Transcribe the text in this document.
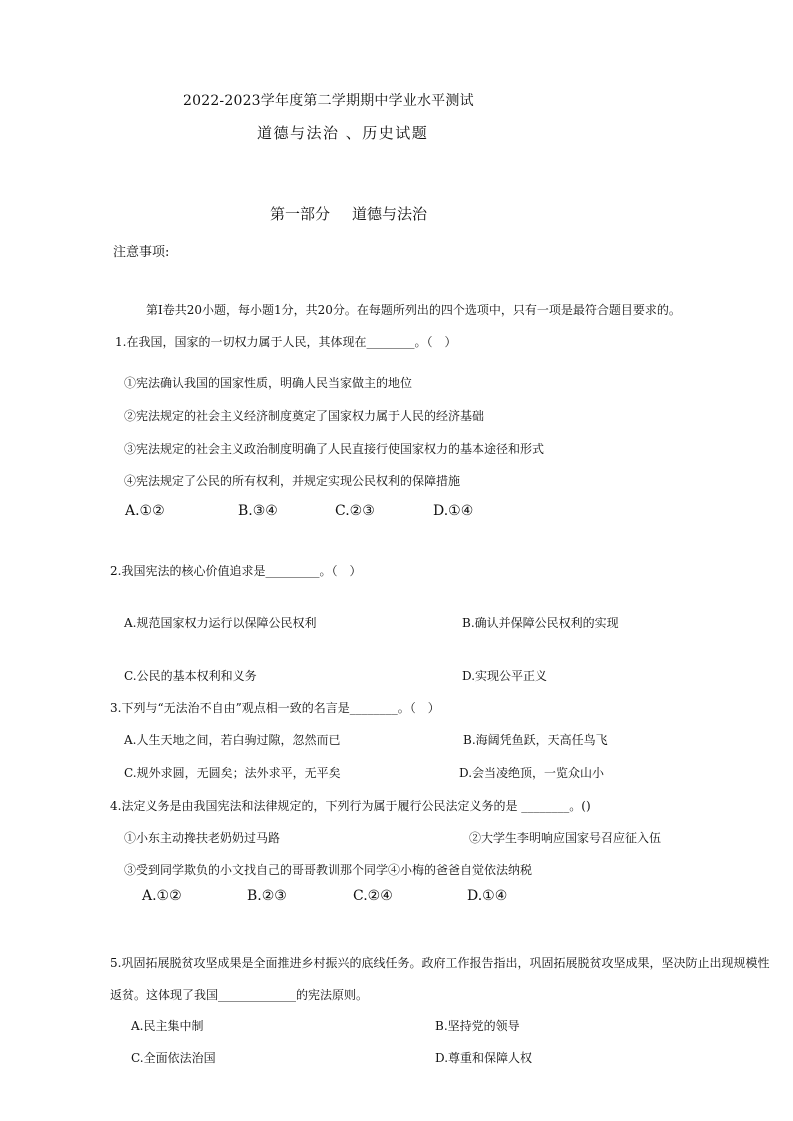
2022-2023学年度第二学期期中学业水平测试
道德与法治 、历史试题
第一部分 道德与法治
注意事项:
第Ⅰ卷共20小题，每小题1分，共20分。在每题所列出的四个选项中，只有一项是最符合题目要求的。
1.在我国，国家的一切权力属于人民，其体现在________。（　）
①宪法确认我国的国家性质，明确人民当家做主的地位
②宪法规定的社会主义经济制度奠定了国家权力属于人民的经济基础
③宪法规定的社会主义政治制度明确了人民直接行使国家权力的基本途径和形式
④宪法规定了公民的所有权利，并规定实现公民权利的保障措施
A.①②	B.③④	C.②③	D.①④
2.我国宪法的核心价值追求是_________。（　）
A.规范国家权力运行以保障公民权利	B.确认并保障公民权利的实现
C.公民的基本权利和义务	D.实现公平正义
3.下列与“无法治不自由”观点相一致的名言是________。（　）
A.人生天地之间，若白驹过隙，忽然而已	B.海阔凭鱼跃，天高任鸟飞
C.规外求圆，无圆矣；法外求平，无平矣	D.会当凌绝顶，一览众山小
4.法定义务是由我国宪法和法律规定的，下列行为属于履行公民法定义务的是 ________。()
①小东主动搀扶老奶奶过马路	②大学生李明响应国家号召应征入伍
③受到同学欺负的小文找自己的哥哥教训那个同学④小梅的爸爸自觉依法纳税
A.①②	B.②③	C.②④	D.①④
5.巩固拓展脱贫攻坚成果是全面推进乡村振兴的底线任务。政府工作报告指出，巩固拓展脱贫攻坚成果，坚决防止出现规模性
返贫。这体现了我国_____________的宪法原则。
A.民主集中制	B.坚持党的领导
C.全面依法治国	D.尊重和保障人权
